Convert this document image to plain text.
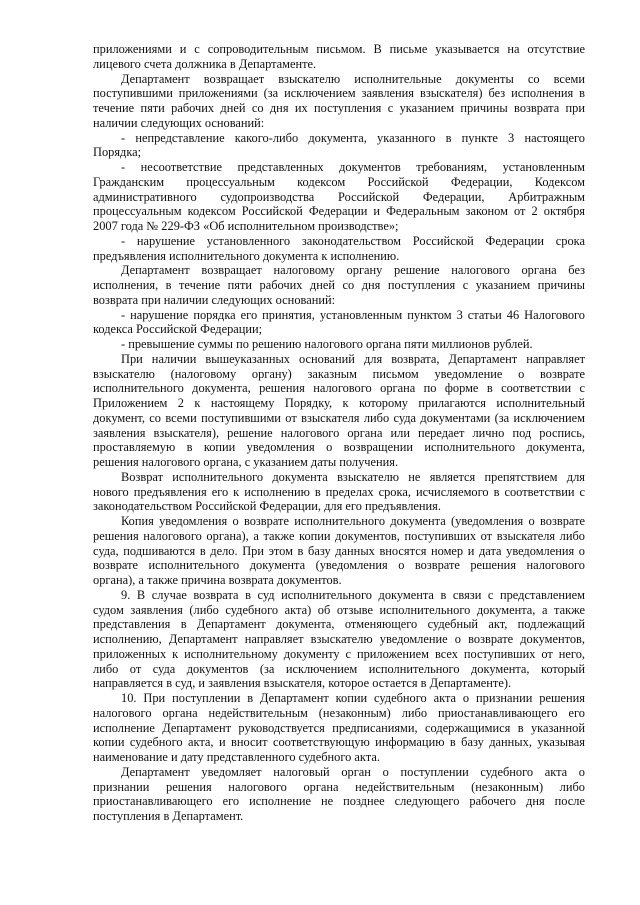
приложениями и с сопроводительным письмом. В письме указывается на отсутствие
лицевого счета должника в Департаменте.
Департамент возвращает взыскателю исполнительные документы со всеми
поступившими приложениями (за исключением заявления взыскателя) без исполнения в
течение пяти рабочих дней со дня их поступления с указанием причины возврата при
наличии следующих оснований:
- непредставление какого-либо документа, указанного в пункте 3 настоящего
Порядка;
- несоответствие представленных документов требованиям, установленным
Гражданским процессуальным кодексом Российской Федерации, Кодексом
административного судопроизводства Российской Федерации, Арбитражным
процессуальным кодексом Российской Федерации и Федеральным законом от 2 октября
2007 года № 229-ФЗ «Об исполнительном производстве»;
- нарушение установленного законодательством Российской Федерации срока
предъявления исполнительного документа к исполнению.
Департамент возвращает налоговому органу решение налогового органа без
исполнения, в течение пяти рабочих дней со дня поступления с указанием причины
возврата при наличии следующих оснований:
- нарушение порядка его принятия, установленным пунктом 3 статьи 46 Налогового
кодекса Российской Федерации;
- превышение суммы по решению налогового органа пяти миллионов рублей.
При наличии вышеуказанных оснований для возврата, Департамент направляет
взыскателю (налоговому органу) заказным письмом уведомление о возврате
исполнительного документа, решения налогового органа по форме в соответствии с
Приложением 2 к настоящему Порядку, к которому прилагаются исполнительный
документ, со всеми поступившими от взыскателя либо суда документами (за исключением
заявления взыскателя), решение налогового органа или передает лично под роспись,
проставляемую в копии уведомления о возвращении исполнительного документа,
решения налогового органа, с указанием даты получения.
Возврат исполнительного документа взыскателю не является препятствием для
нового предъявления его к исполнению в пределах срока, исчисляемого в соответствии с
законодательством Российской Федерации, для его предъявления.
Копия уведомления о возврате исполнительного документа (уведомления о возврате
решения налогового органа), а также копии документов, поступивших от взыскателя либо
суда, подшиваются в дело. При этом в базу данных вносятся номер и дата уведомления о
возврате исполнительного документа (уведомления о возврате решения налогового
органа), а также причина возврата документов.
9. В случае возврата в суд исполнительного документа в связи с представлением
судом заявления (либо судебного акта) об отзыве исполнительного документа, а также
представления в Департамент документа, отменяющего судебный акт, подлежащий
исполнению, Департамент направляет взыскателю уведомление о возврате документов,
приложенных к исполнительному документу с приложением всех поступивших от него,
либо от суда документов (за исключением исполнительного документа, который
направляется в суд, и заявления взыскателя, которое остается в Департаменте).
10. При поступлении в Департамент копии судебного акта о признании решения
налогового органа недействительным (незаконным) либо приостанавливающего его
исполнение Департамент руководствуется предписаниями, содержащимися в указанной
копии судебного акта, и вносит соответствующую информацию в базу данных, указывая
наименование и дату представленного судебного акта.
Департамент уведомляет налоговый орган о поступлении судебного акта о
признании решения налогового органа недействительным (незаконным) либо
приостанавливающего его исполнение не позднее следующего рабочего дня после
поступления в Департамент.
